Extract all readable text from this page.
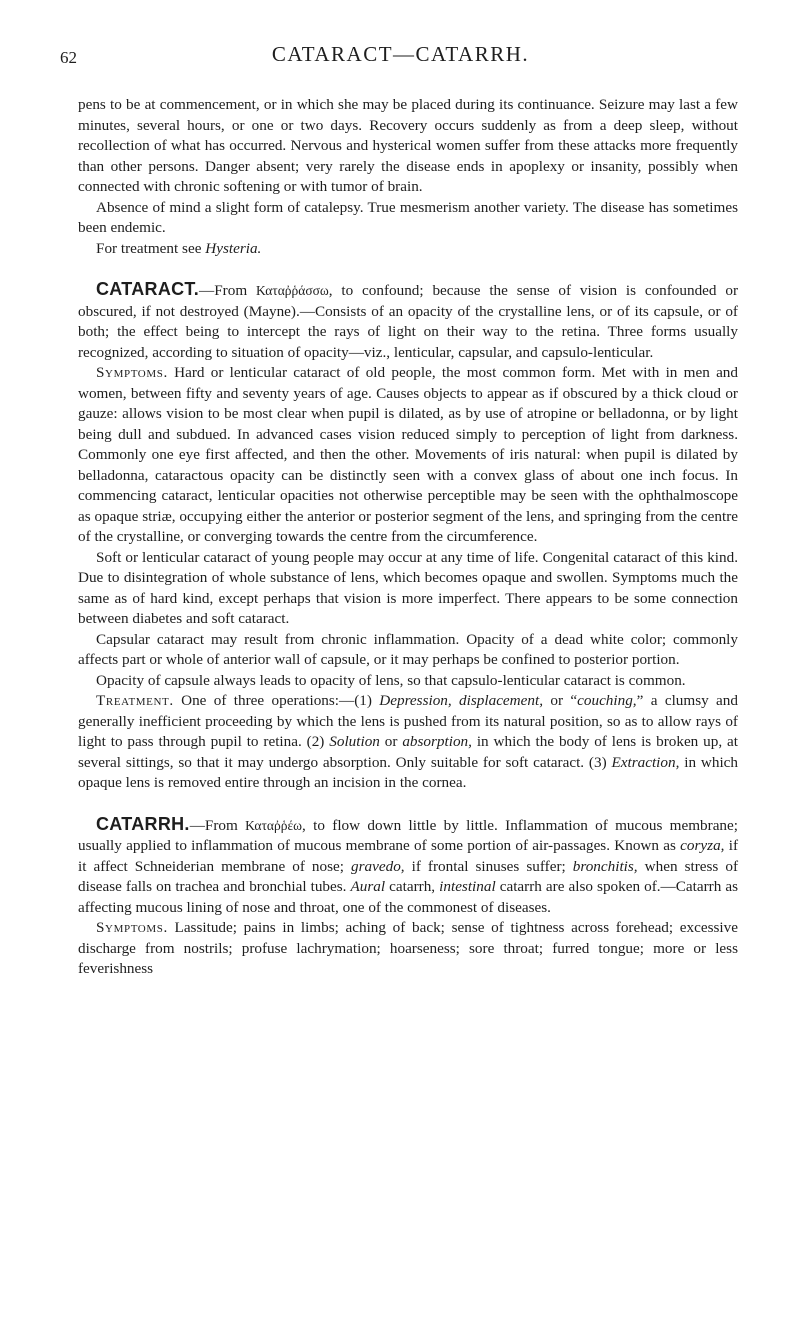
62	CATARACT—CATARRH.

pens to be at commencement, or in which she may be placed during its continuance. Seizure may last a few minutes, several hours, or one or two days. Recovery occurs suddenly as from a deep sleep, without recollection of what has occurred. Nervous and hysterical women suffer from these attacks more frequently than other persons. Danger absent; very rarely the disease ends in apoplexy or insanity, possibly when connected with chronic softening or with tumor of brain.

Absence of mind a slight form of catalepsy. True mesmerism another variety. The disease has sometimes been endemic.

For treatment see Hysteria.

CATARACT.—From Καταῤῥάσσω, to confound; because the sense of vision is confounded or obscured, if not destroyed (Mayne).—Consists of an opacity of the crystalline lens, or of its capsule, or of both; the effect being to intercept the rays of light on their way to the retina. Three forms usually recognized, according to situation of opacity—viz., lenticular, capsular, and capsulo-lenticular.

Symptoms. Hard or lenticular cataract of old people, the most common form. Met with in men and women, between fifty and seventy years of age. Causes objects to appear as if obscured by a thick cloud or gauze: allows vision to be most clear when pupil is dilated, as by use of atropine or belladonna, or by light being dull and subdued. In advanced cases vision reduced simply to perception of light from darkness. Commonly one eye first affected, and then the other. Movements of iris natural: when pupil is dilated by belladonna, cataractous opacity can be distinctly seen with a convex glass of about one inch focus. In commencing cataract, lenticular opacities not otherwise perceptible may be seen with the ophthalmoscope as opaque striæ, occupying either the anterior or posterior segment of the lens, and springing from the centre of the crystalline, or converging towards the centre from the circumference.

Soft or lenticular cataract of young people may occur at any time of life. Congenital cataract of this kind. Due to disintegration of whole substance of lens, which becomes opaque and swollen. Symptoms much the same as of hard kind, except perhaps that vision is more imperfect. There appears to be some connection between diabetes and soft cataract.

Capsular cataract may result from chronic inflammation. Opacity of a dead white color; commonly affects part or whole of anterior wall of capsule, or it may perhaps be confined to posterior portion.

Opacity of capsule always leads to opacity of lens, so that capsulo-lenticular cataract is common.

Treatment. One of three operations:—(1) Depression, displacement, or “couching,” a clumsy and generally inefficient proceeding by which the lens is pushed from its natural position, so as to allow rays of light to pass through pupil to retina. (2) Solution or absorption, in which the body of lens is broken up, at several sittings, so that it may undergo absorption. Only suitable for soft cataract. (3) Extraction, in which opaque lens is removed entire through an incision in the cornea.

CATARRH.—From Καταῤῥέω, to flow down little by little. Inflammation of mucous membrane; usually applied to inflammation of mucous membrane of some portion of air-passages. Known as coryza, if it affect Schneiderian membrane of nose; gravedo, if frontal sinuses suffer; bronchitis, when stress of disease falls on trachea and bronchial tubes. Aural catarrh, intestinal catarrh are also spoken of.—Catarrh as affecting mucous lining of nose and throat, one of the commonest of diseases.

Symptoms. Lassitude; pains in limbs; aching of back; sense of tightness across forehead; excessive discharge from nostrils; profuse lachrymation; hoarseness; sore throat; furred tongue; more or less feverishness
